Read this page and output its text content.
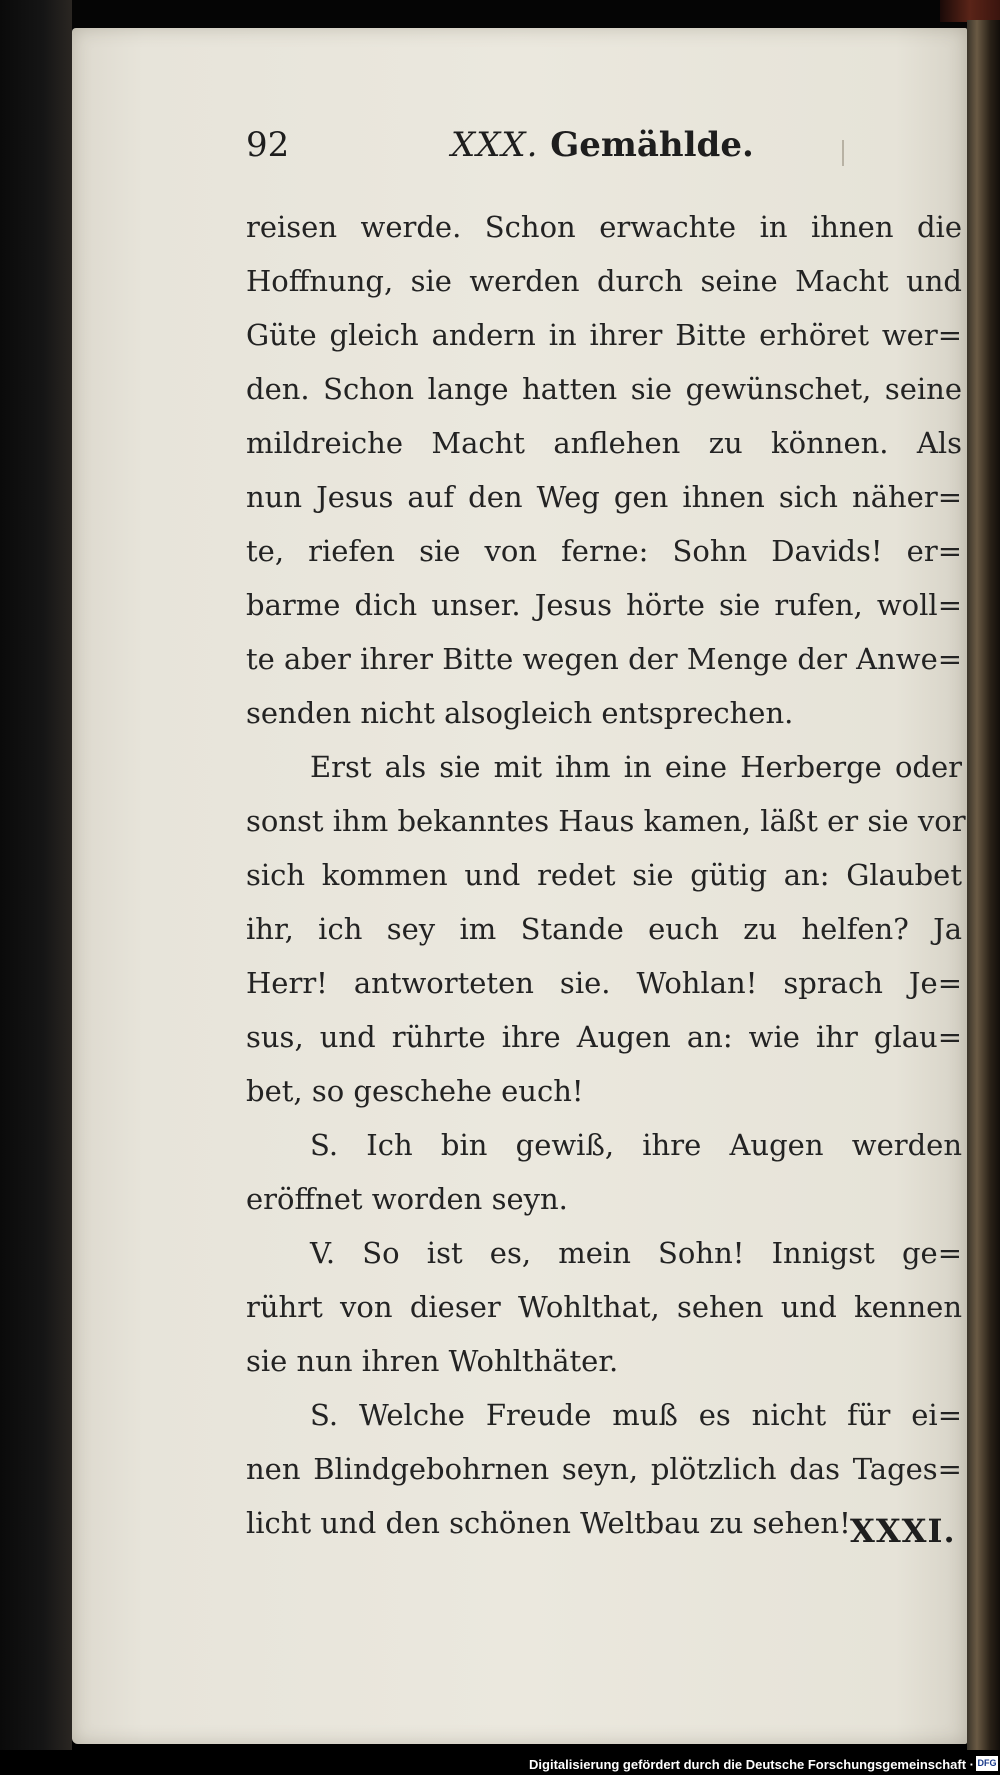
92	XXX. Gemählde.
reisen werde. Schon erwachte in ihnen die
Hoffnung, sie werden durch seine Macht und
Güte gleich andern in ihrer Bitte erhöret wer=
den. Schon lange hatten sie gewünschet, seine
mildreiche Macht anflehen zu können. Als
nun Jesus auf den Weg gen ihnen sich näher=
te, riefen sie von ferne: Sohn Davids! er=
barme dich unser. Jesus hörte sie rufen, woll=
te aber ihrer Bitte wegen der Menge der Anwe=
senden nicht alsogleich entsprechen.
Erst als sie mit ihm in eine Herberge oder
sonst ihm bekanntes Haus kamen, läßt er sie vor
sich kommen und redet sie gütig an: Glaubet
ihr, ich sey im Stande euch zu helfen? Ja
Herr! antworteten sie. Wohlan! sprach Je=
sus, und rührte ihre Augen an: wie ihr glau=
bet, so geschehe euch!
S. Ich bin gewiß, ihre Augen werden
eröffnet worden seyn.
V. So ist es, mein Sohn! Innigst ge=
rührt von dieser Wohlthat, sehen und kennen
sie nun ihren Wohlthäter.
S. Welche Freude muß es nicht für ei=
nen Blindgebohrnen seyn, plötzlich das Tages=
licht und den schönen Weltbau zu sehen! XXXI.
Digitalisierung gefördert durch die Deutsche Forschungsgemeinschaft · DFG
